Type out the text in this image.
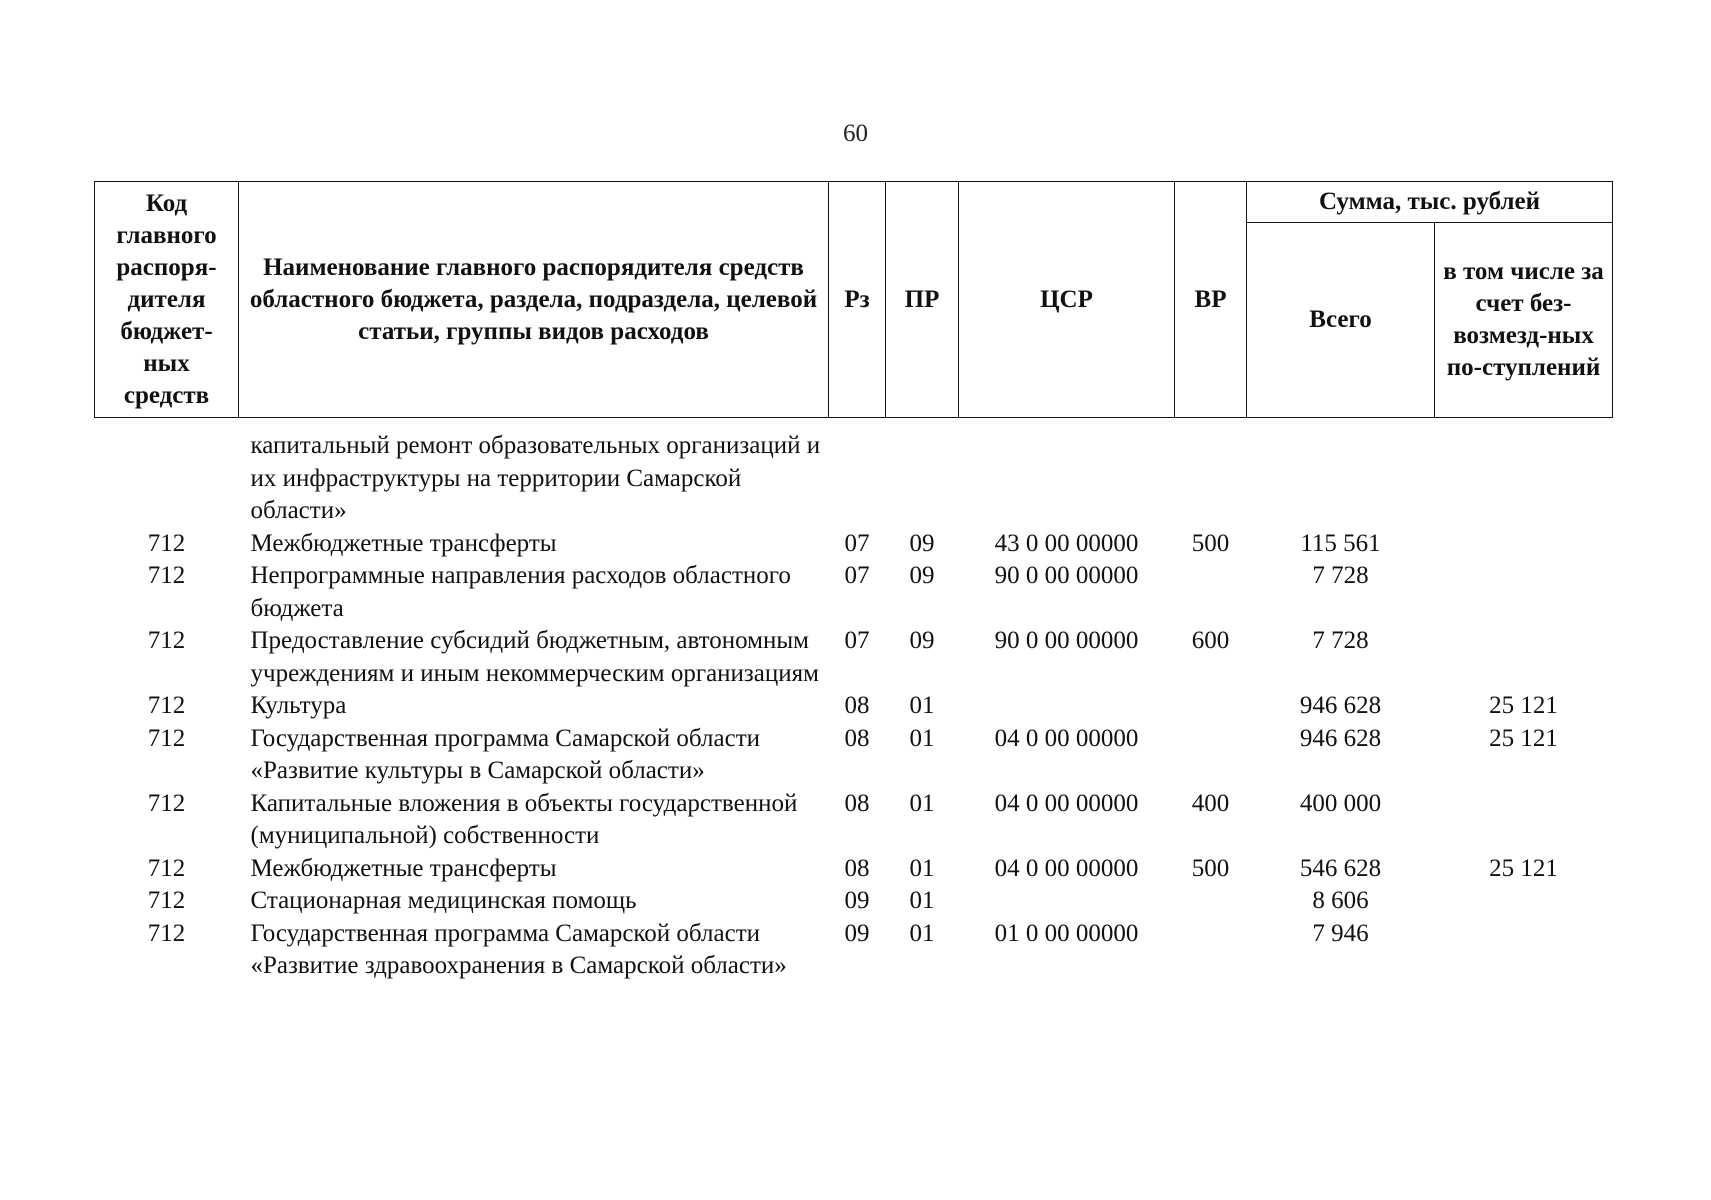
60
Код главного распоря-дителя бюджет-ных средств	Наименование главного распорядителя средств областного бюджета, раздела, подраздела, целевой статьи, группы видов расходов	Рз	ПР	ЦСР	ВР	Сумма, тыс. рублей	
						Всего	в том числе за счет без-возмезд-ных по-ступлений
	капитальный ремонт образовательных организаций и их инфраструктуры на территории Самарской области»						
712	Межбюджетные трансферты	07	09	43 0 00 00000	500	115 561	
712	Непрограммные направления расходов областного бюджета	07	09	90 0 00 00000		7 728	
712	Предоставление субсидий бюджетным, автономным учреждениям и иным некоммерческим организациям	07	09	90 0 00 00000	600	7 728	
712	Культура	08	01			946 628	25 121
712	Государственная программа Самарской области «Развитие культуры в Самарской области»	08	01	04 0 00 00000		946 628	25 121
712	Капитальные вложения в объекты государственной (муниципальной) собственности	08	01	04 0 00 00000	400	400 000	
712	Межбюджетные трансферты	08	01	04 0 00 00000	500	546 628	25 121
712	Стационарная медицинская помощь	09	01			8 606	
712	Государственная программа Самарской области «Развитие здравоохранения в Самарской области»	09	01	01 0 00 00000		7 946	
